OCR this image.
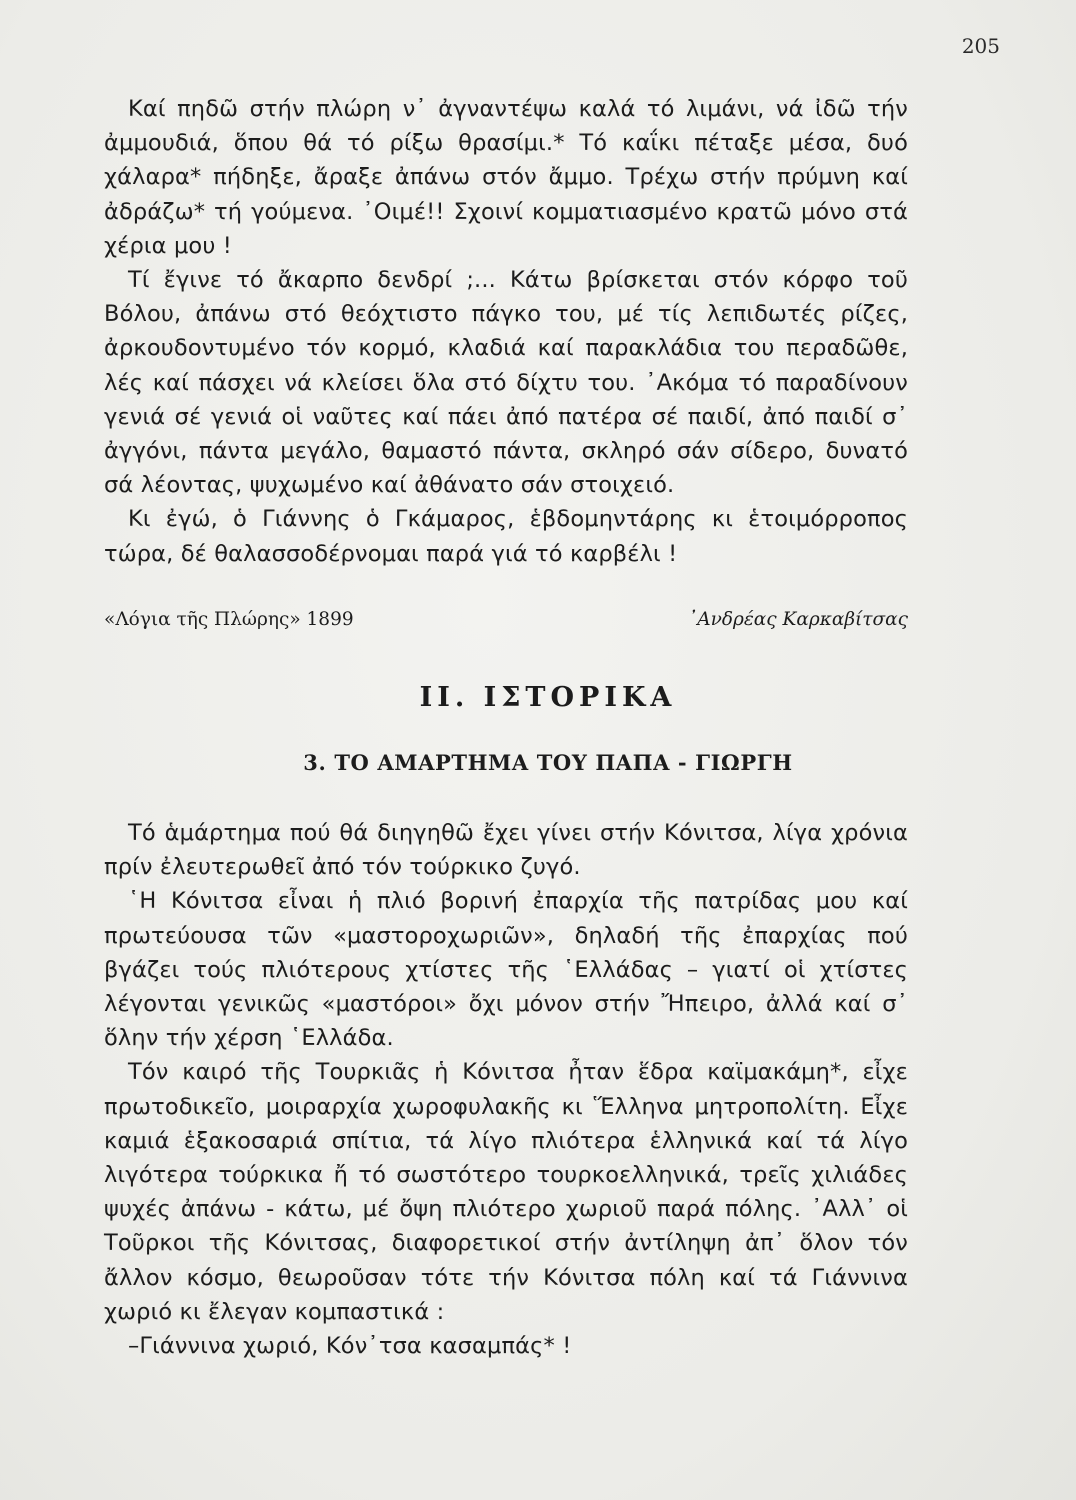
205

Καί πηδῶ στήν πλώρη ν᾽ ἀγναντέψω καλά τό λιμάνι, νά ἰδῶ τήν ἀμμουδιά, ὅπου θά τό ρίξω θρασίμι.* Τό καΐκι πέταξε μέσα, δυό χάλαρα* πήδηξε, ἄραξε ἀπάνω στόν ἄμμο. Τρέχω στήν πρύμνη καί ἀδράζω* τή γούμενα. ᾽Οιμέ!! Σχοινί κομματιασμένο κρατῶ μόνο στά χέρια μου !

Τί ἔγινε τό ἄκαρπο δενδρί ;... Κάτω βρίσκεται στόν κόρφο τοῦ Βόλου, ἀπάνω στό θεόχτιστο πάγκο του, μέ τίς λεπιδωτές ρίζες, ἀρκουδοντυμένο τόν κορμό, κλαδιά καί παρακλάδια του περαδῶθε, λές καί πάσχει νά κλείσει ὅλα στό δίχτυ του. ᾽Ακόμα τό παραδίνουν γενιά σέ γενιά οἱ ναῦτες καί πάει ἀπό πατέρα σέ παιδί, ἀπό παιδί σ᾽ ἀγγόνι, πάντα μεγάλο, θαμαστό πάντα, σκληρό σάν σίδερο, δυνατό σά λέοντας, ψυχωμένο καί ἀθάνατο σάν στοιχειό.

Κι ἐγώ, ὁ Γιάννης ὁ Γκάμαρος, ἑβδομηντάρης κι ἑτοιμόρροπος τώρα, δέ θαλασσοδέρνομαι παρά γιά τό καρβέλι !

«Λόγια τῆς Πλώρης» 1899	᾽Ανδρέας Καρκαβίτσας
ΙΙ. ΙΣΤΟΡΙΚΑ
3. ΤΟ ΑΜΑΡΤΗΜΑ ΤΟΥ ΠΑΠΑ - ΓΙΩΡΓΗ

Τό ἁμάρτημα πού θά διηγηθῶ ἔχει γίνει στήν Κόνιτσα, λίγα χρόνια πρίν ἐλευτερωθεῖ ἀπό τόν τούρκικο ζυγό.

῾Η Κόνιτσα εἶναι ἡ πλιό βορινή ἐπαρχία τῆς πατρίδας μου καί πρωτεύουσα τῶν «μαστοροχωριῶν», δηλαδή τῆς ἐπαρχίας πού βγάζει τούς πλιότερους χτίστες τῆς ῾Ελλάδας – γιατί οἱ χτίστες λέγονται γενικῶς «μαστόροι» ὄχι μόνον στήν Ἤπειρο, ἀλλά καί σ᾽ ὅλην τήν χέρση ῾Ελλάδα.

Τόν καιρό τῆς Τουρκιᾶς ἡ Κόνιτσα ἦταν ἕδρα καϊμακάμη*, εἶχε πρωτοδικεῖο, μοιραρχία χωροφυλακῆς κι Ἕλληνα μητροπολίτη. Εἶχε καμιά ἑξακοσαριά σπίτια, τά λίγο πλιότερα ἑλληνικά καί τά λίγο λιγότερα τούρκικα ἤ τό σωστότερο τουρκοελληνικά, τρεῖς χιλιάδες ψυχές ἀπάνω - κάτω, μέ ὄψη πλιότερο χωριοῦ παρά πόλης. ᾽Αλλ᾽ οἱ Τοῦρκοι τῆς Κόνιτσας, διαφορετικοί στήν ἀντίληψη ἀπ᾽ ὅλον τόν ἄλλον κόσμο, θεωροῦσαν τότε τήν Κόνιτσα πόλη καί τά Γιάννινα χωριό κι ἔλεγαν κομπαστικά :

–Γιάννινα χωριό, Κόν᾽τσα κασαμπάς* !
